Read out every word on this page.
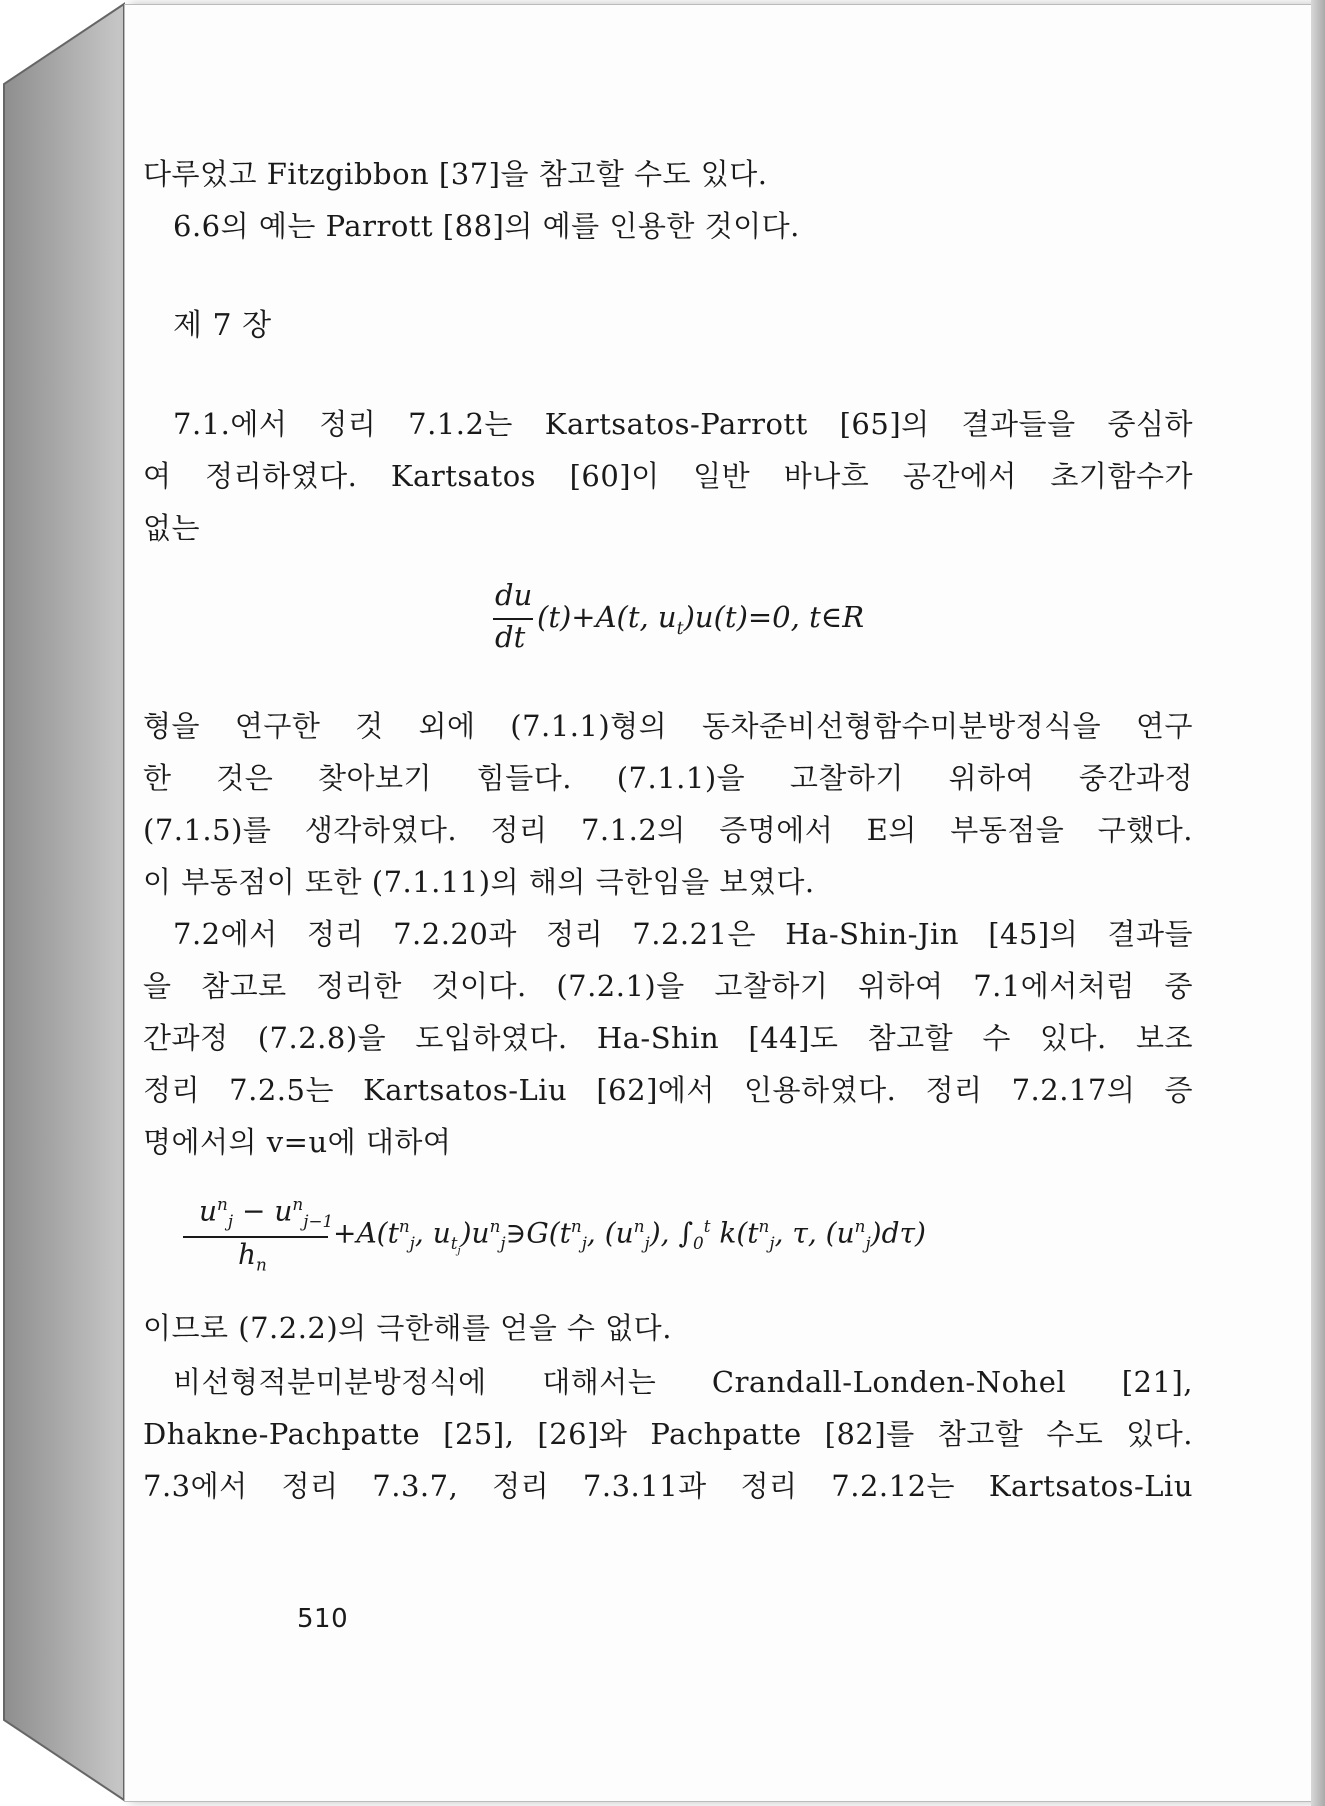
다루었고 Fitzgibbon [37]을 참고할 수도 있다.
6.6의 예는 Parrott [88]의 예를 인용한 것이다.
제 7 장
7.1.에서 정리 7.1.2는 Kartsatos-Parrott [65]의 결과들을 중심하
여 정리하였다. Kartsatos [60]이 일반 바나흐 공간에서 초기함수가
없는
du
dt
(t)+A(t, $u_t)u(t)=0$, t∈R
형을 연구한 것 외에 (7.1.1)형의 동차준비선형함수미분방정식을 연구
한 것은 찾아보기 힘들다. (7.1.1)을 고찰하기 위하여 중간과정
(7.1.5)를 생각하였다. 정리 7.1.2의 증명에서 E의 부동점을 구했다.
이 부동점이 또한 (7.1.11)의 해의 극한임을 보였다.
7.2에서 정리 7.2.20과 정리 7.2.21은 Ha-Shin-Jin [45]의 결과들
을 참고로 정리한 것이다. (7.2.1)을 고찰하기 위하여 7.1에서처럼 중
간과정 (7.2.8)을 도입하였다. Ha-Shin [44]도 참고할 수 있다. 보조
정리 7.2.5는 Kartsatos-Liu [62]에서 인용하였다. 정리 7.2.17의 증
명에서의 v=u에 대하여
$u^n_j - u^n_{j-1}$
$h_n$
$+A(t^n_j$, $u_{t_j})u^n_j∋G(t^n_j$, $(u^n_j)$, $\int_0^t$ $k(t^n_j$, τ, $(u^n_j)d\tau$)
이므로 (7.2.2)의 극한해를 얻을 수 없다.
비선형적분미분방정식에 대해서는 Crandall-Londen-Nohel [21],
Dhakne-Pachpatte [25], [26]와 Pachpatte [82]를 참고할 수도 있다.
7.3에서 정리 7.3.7, 정리 7.3.11과 정리 7.2.12는 Kartsatos-Liu
510
